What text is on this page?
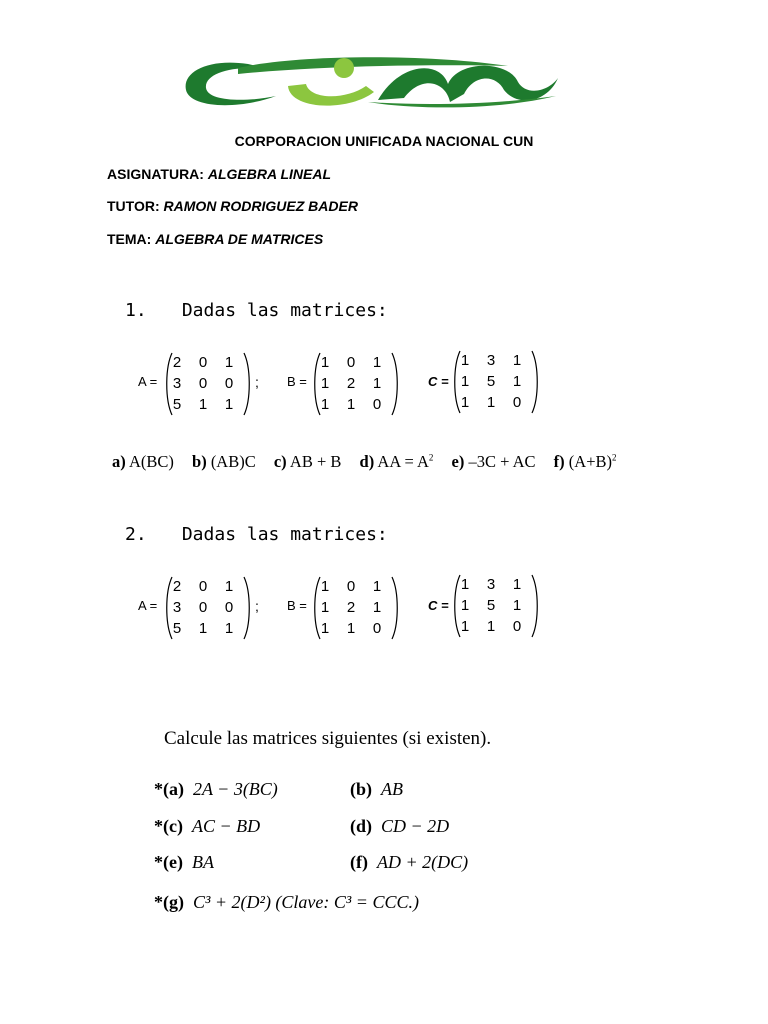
CORPORACION UNIFICADA NACIONAL CUN
ASIGNATURA: ALGEBRA LINEAL
TUTOR: RAMON RODRIGUEZ BADER
TEMA: ALGEBRA DE MATRICES
1. Dadas las matrices:
A =
2	0	1
3	0	0
5	1	1
; B =
1	0	1
1	2	1
1	1	0
C =
1	3	1
1	5	1
1	1	0
a) A(BC) b) (AB)C c) AB + B d) AA = $A^2$ e) –3C + AC f) $(A+B)^2$
2. Dadas las matrices:
A =
2	0	1
3	0	0
5	1	1
; B =
1	0	1
1	2	1
1	1	0
C =
1	3	1
1	5	1
1	1	0
Calcule las matrices siguientes (si existen).
*(a) 2A − 3(BC)	(b) AB
*(c) AC − BD	(d) CD − 2D
*(e) BA	(f) AD + 2(DC)
*(g) C³ + 2(D²) (Clave: C³ = CCC.)
